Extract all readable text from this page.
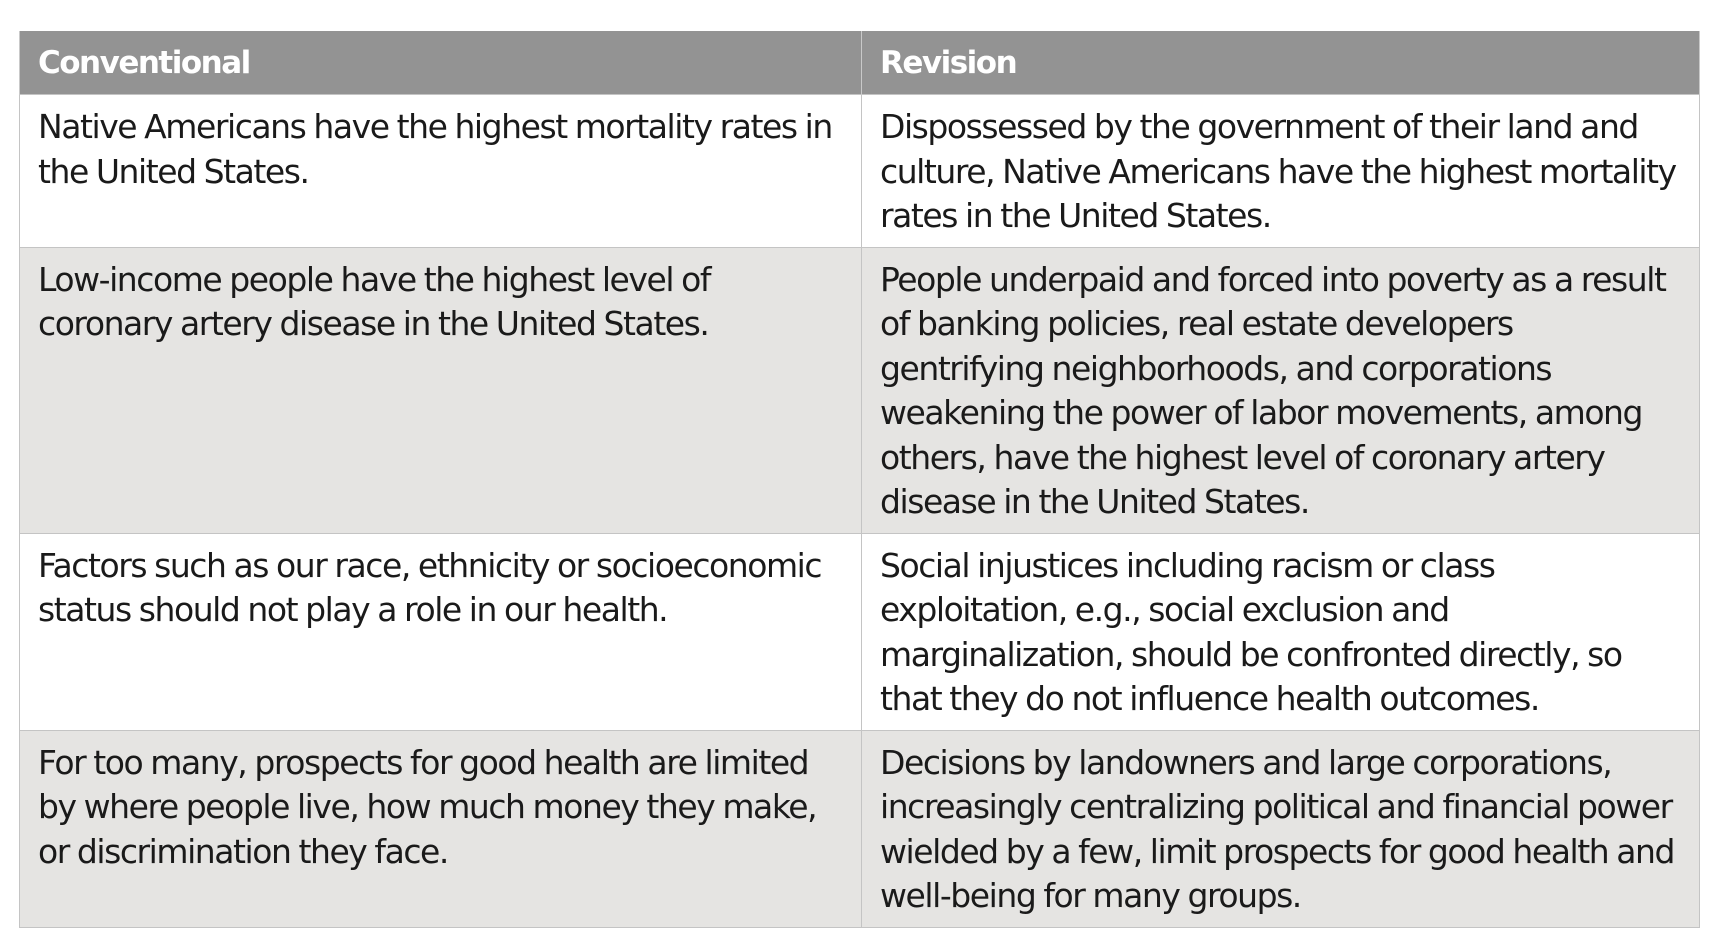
Conventional	Revision
Native Americans have the highest mortality rates in the United States.	Dispossessed by the government of their land and culture, Native Americans have the highest mortality rates in the United States.
Low-income people have the highest level of coronary artery disease in the United States.	People underpaid and forced into poverty as a result of banking policies, real estate developers gentrifying neighborhoods, and corporations weakening the power of labor movements, among others, have the highest level of coronary artery disease in the United States.
Factors such as our race, ethnicity or socioeconomic status should not play a role in our health.	Social injustices including racism or class exploitation, e.g., social exclusion and marginalization, should be confronted directly, so that they do not influence health outcomes.
For too many, prospects for good health are limited by where people live, how much money they make, or discrimination they face.	Decisions by landowners and large corporations, increasingly centralizing political and financial power wielded by a few, limit prospects for good health and well-being for many groups.
